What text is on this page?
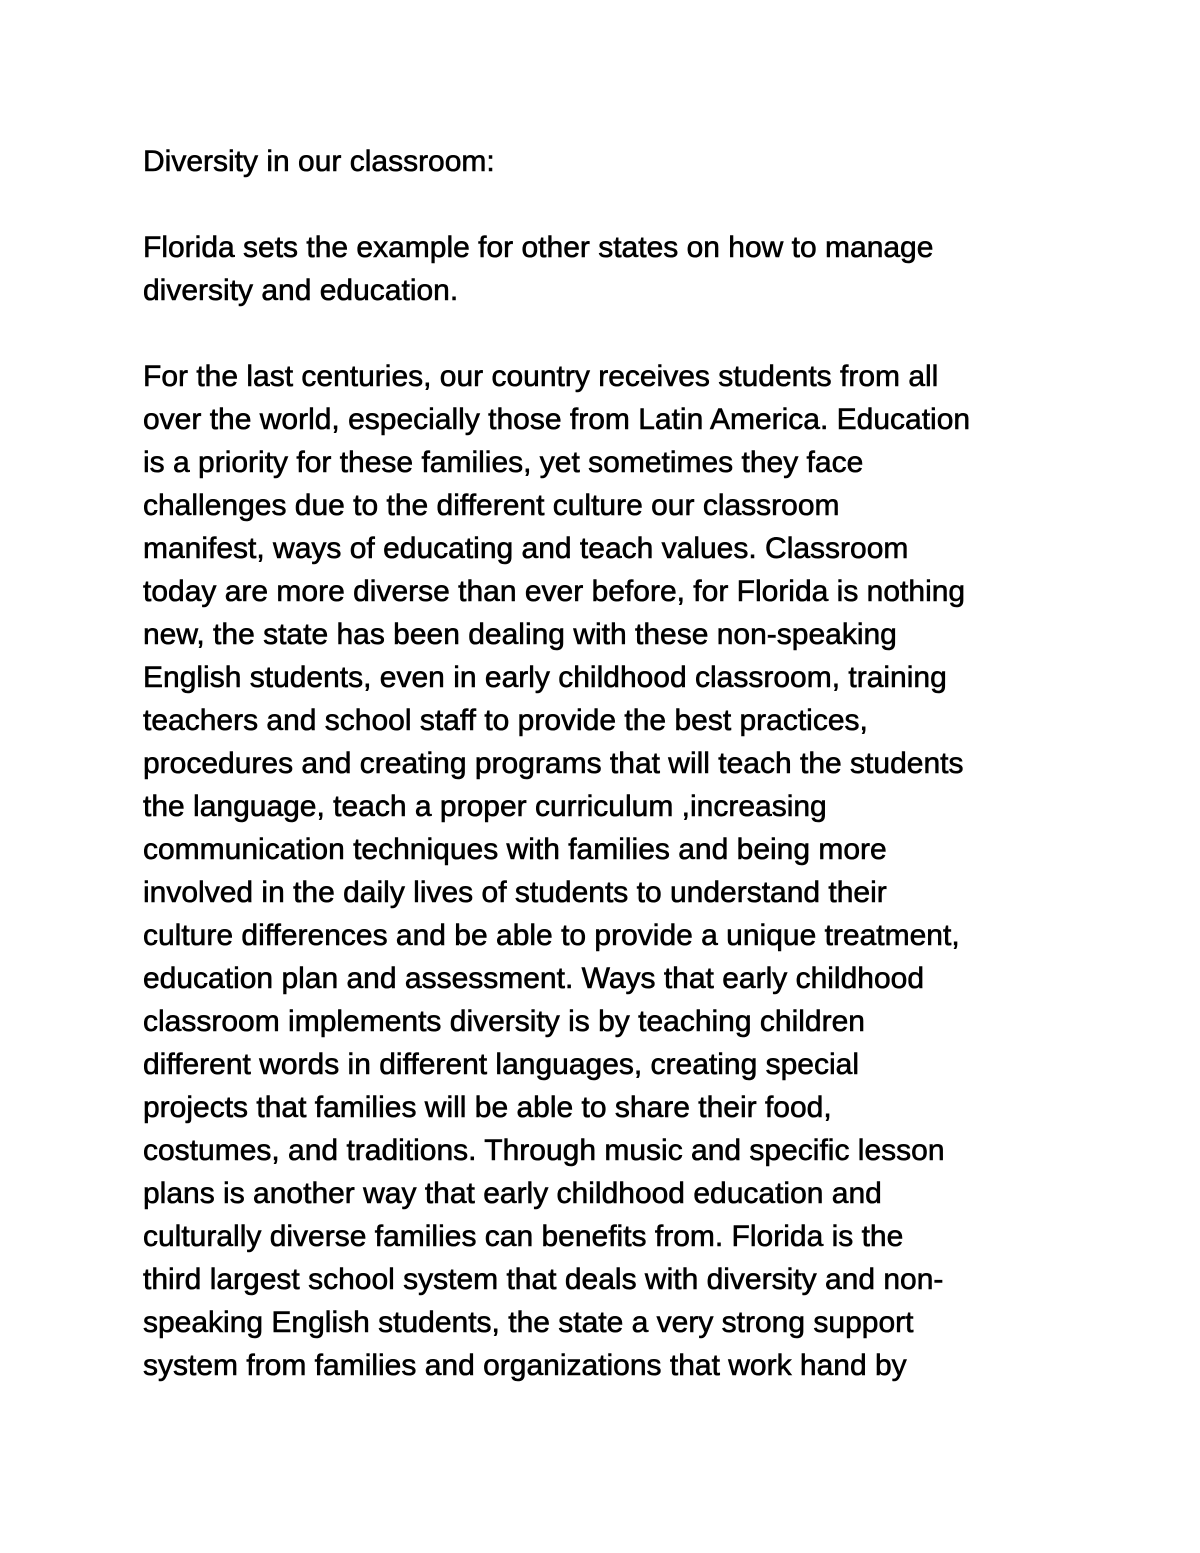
Diversity in our classroom:
Florida sets the example for other states on how to manage
diversity and education.
For the last centuries, our country receives students from all
over the world, especially those from Latin America. Education
is a priority for these families, yet sometimes they face
challenges due to the different culture our classroom
manifest, ways of educating and teach values. Classroom
today are more diverse than ever before, for Florida is nothing
new, the state has been dealing with these non-speaking
English students, even in early childhood classroom, training
teachers and school staff to provide the best practices,
procedures and creating programs that will teach the students
the language, teach a proper curriculum ,increasing
communication techniques with families and being more
involved in the daily lives of students to understand their
culture differences and be able to provide a unique treatment,
education plan and assessment. Ways that early childhood
classroom implements diversity is by teaching children
different words in different languages, creating special
projects that families will be able to share their food,
costumes, and traditions. Through music and specific lesson
plans is another way that early childhood education and
culturally diverse families can benefits from. Florida is the
third largest school system that deals with diversity and non-
speaking English students, the state a very strong support
system from families and organizations that work hand by
